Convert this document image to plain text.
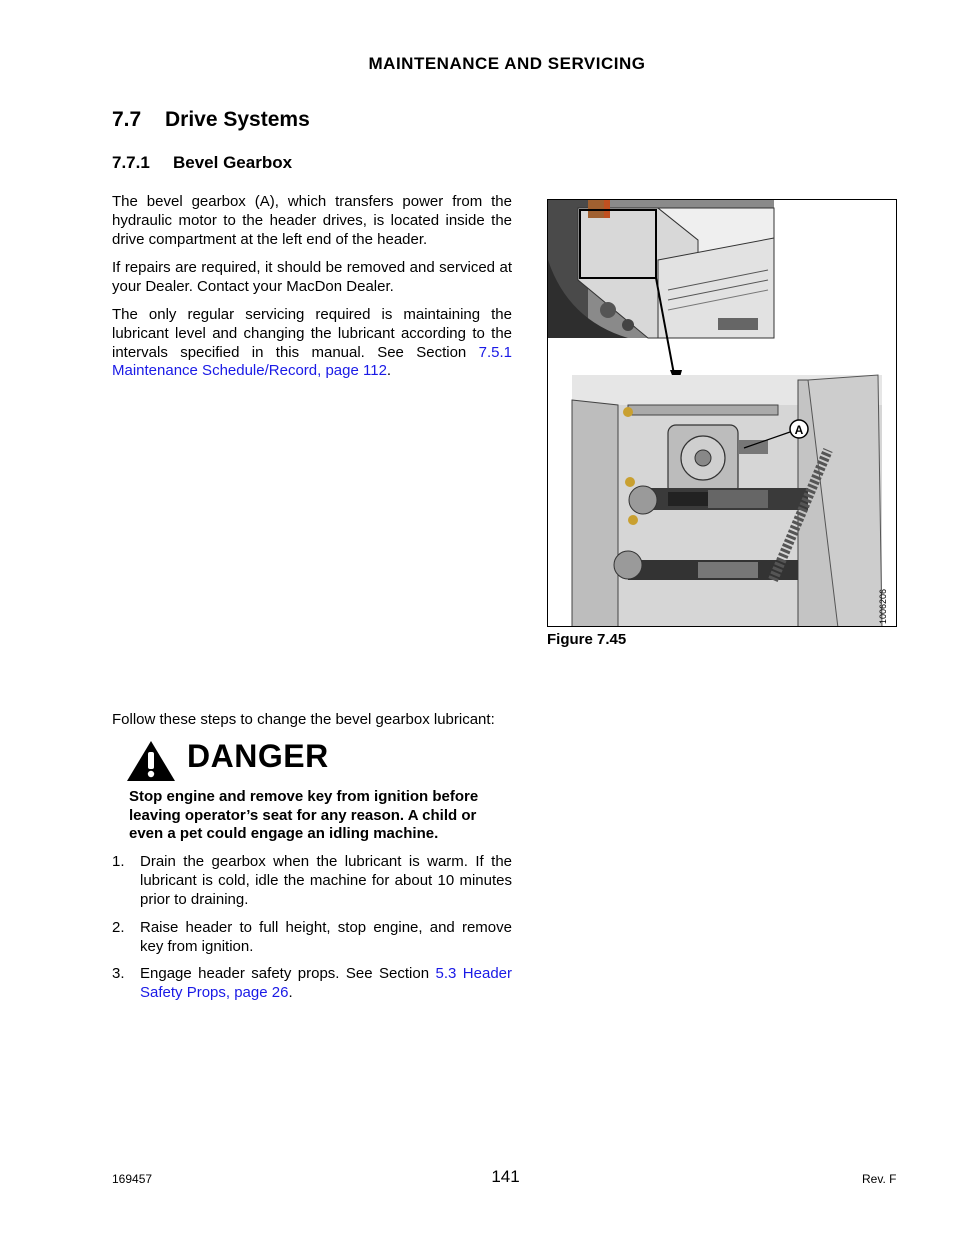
MAINTENANCE AND SERVICING
7.7 Drive Systems
7.7.1 Bevel Gearbox
The bevel gearbox (A), which transfers power from the hydraulic motor to the header drives, is located inside the drive compartment at the left end of the header.
If repairs are required, it should be removed and serviced at your Dealer. Contact your MacDon Dealer.
The only regular servicing required is maintaining the lubricant level and changing the lubricant according to the intervals specified in this manual. See Section 7.5.1 Maintenance Schedule/Record, page 112.
A
1006206
Figure 7.45
Follow these steps to change the bevel gearbox lubricant:
DANGER
Stop engine and remove key from ignition before leaving operator’s seat for any reason. A child or even a pet could engage an idling machine.
1. Drain the gearbox when the lubricant is warm. If the lubricant is cold, idle the machine for about 10 minutes prior to draining.
2. Raise header to full height, stop engine, and remove key from ignition.
3. Engage header safety props. See Section 5.3 Header Safety Props, page 26.
169457	141	Rev. F
